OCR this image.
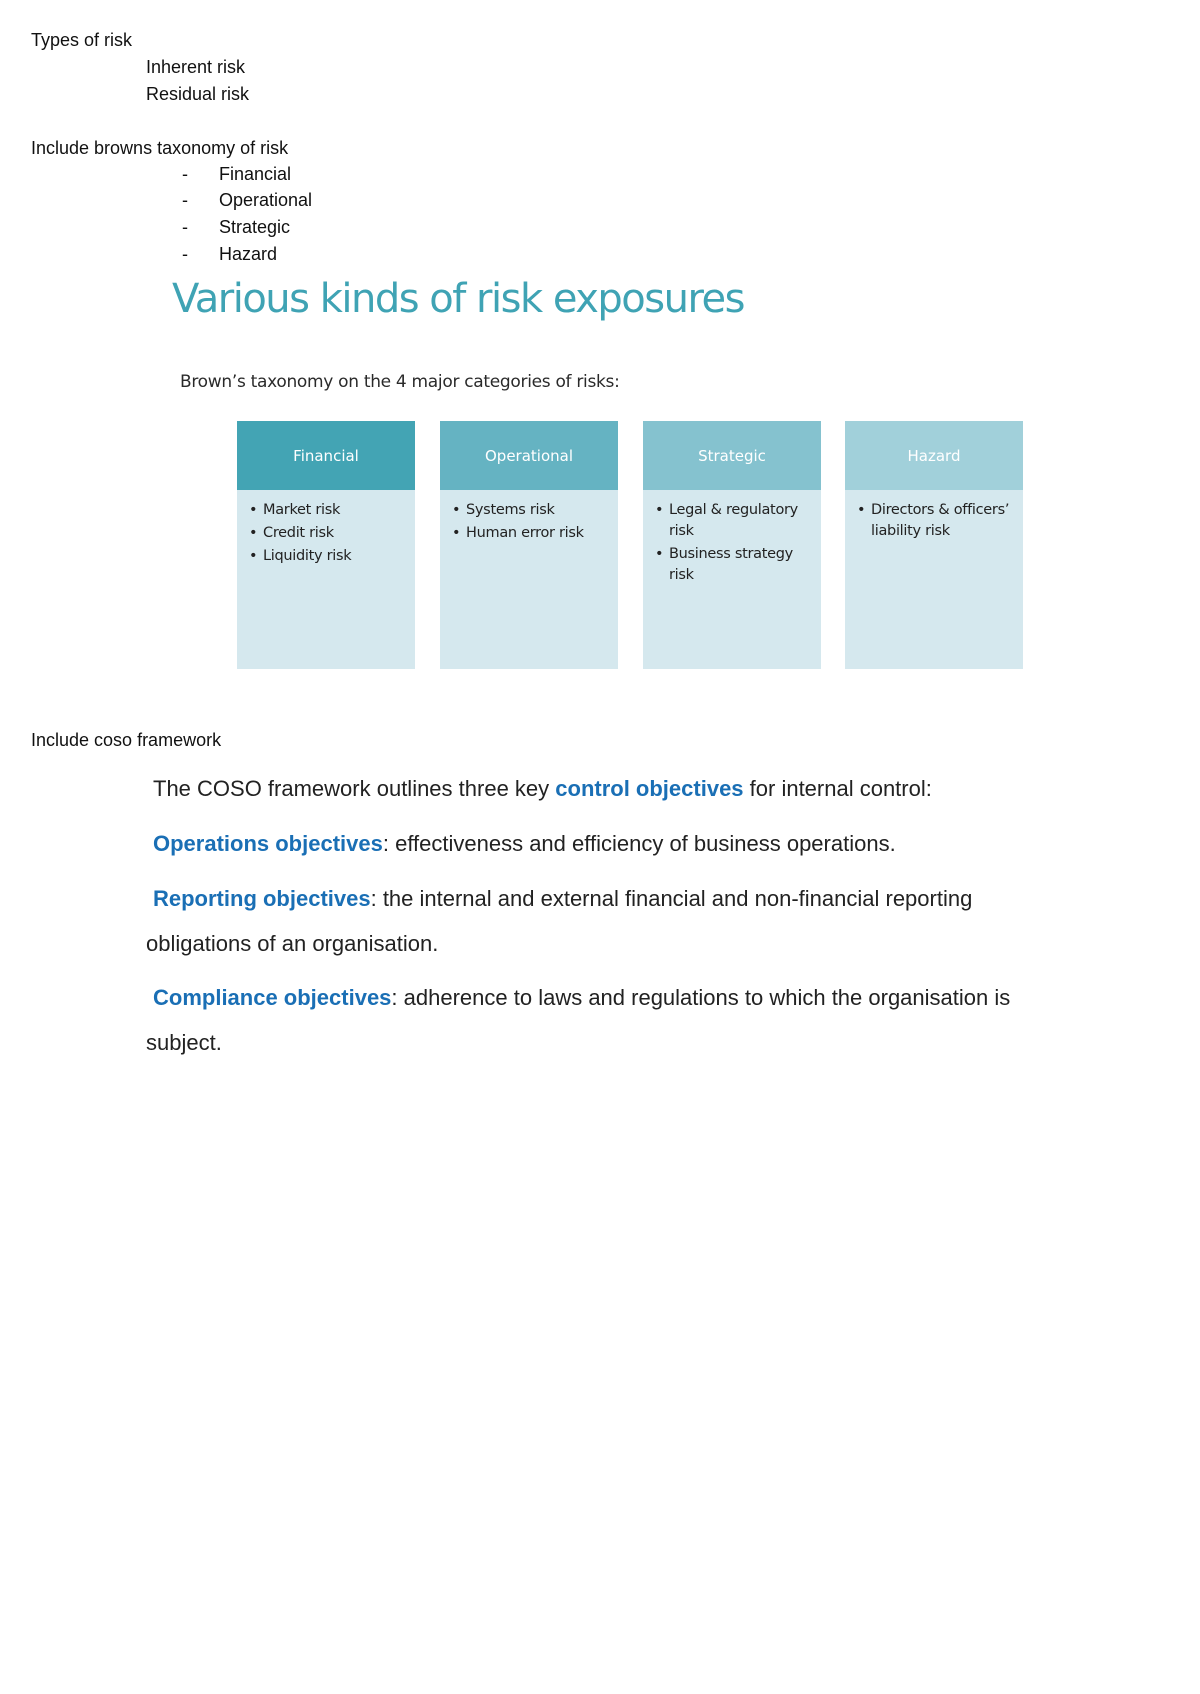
Types of risk
Inherent risk
Residual risk
Include browns taxonomy of risk
- Financial
- Operational
- Strategic
- Hazard
Various kinds of risk exposures
Brown’s taxonomy on the 4 major categories of risks:
Financial
• Market risk
• Credit risk
• Liquidity risk
Operational
• Systems risk
• Human error risk
Strategic
• Legal & regulatory risk
• Business strategy risk
Hazard
• Directors & officers’ liability risk
Include coso framework
The COSO framework outlines three key control objectives for internal control:
Operations objectives: effectiveness and efficiency of business operations.
Reporting objectives: the internal and external financial and non-financial reporting
obligations of an organisation.
Compliance objectives: adherence to laws and regulations to which the organisation is
subject.
